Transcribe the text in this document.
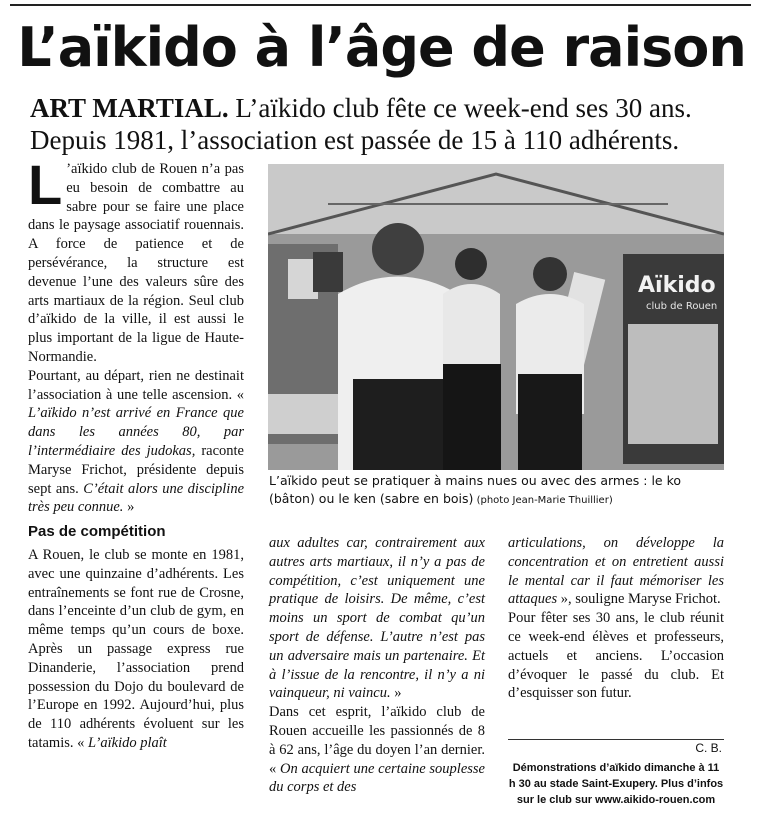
L’aïkido à l’âge de raison
ART MARTIAL. L’aïkido club fête ce week-end ses 30 ans. Depuis 1981, l’association est passée de 15 à 110 adhérents.

L ’aïkido club de Rouen n’a pas eu besoin de combattre au sabre pour se faire une place dans le paysage associatif rouennais. A force de patience et de persévérance, la structure est devenue l’une des valeurs sûre des arts martiaux de la région. Seul club d’aïkido de la ville, il est aussi le plus important de la ligue de Haute-Normandie.

Pourtant, au départ, rien ne destinait l’association à une telle ascension. « L’aïkido n’est arrivé en France que dans les années 80, par l’intermédiaire des judokas, raconte Maryse Frichot, présidente depuis sept ans. C’était alors une discipline très peu connue. »

Pas de compétition

A Rouen, le club se monte en 1981, avec une quinzaine d’adhérents. Les entraînements se font rue de Crosne, dans l’enceinte d’un club de gym, en même temps qu’un cours de boxe. Après un passage express rue Dinanderie, l’association prend possession du Dojo du boulevard de l’Europe en 1992. Aujourd’hui, plus de 110 adhérents évoluent sur les tatamis. « L’aïkido plaît

aux adultes car, contrairement aux autres arts martiaux, il n’y a pas de compétition, c’est uniquement une pratique de loisirs. De même, c’est moins un sport de combat qu’un sport de défense. L’autre n’est pas un adversaire mais un partenaire. Et à l’issue de la rencontre, il n’y a ni vainqueur, ni vaincu. »

Dans cet esprit, l’aïkido club de Rouen accueille les passionnés de 8 à 62 ans, l’âge du doyen l’an dernier. « On acquiert une certaine souplesse du corps et des

articulations, on développe la concentration et on entretient aussi le mental car il faut mémoriser les attaques », souligne Maryse Frichot.

Pour fêter ses 30 ans, le club réunit ce week-end élèves et professeurs, actuels et anciens. L’occasion d’évoquer le passé du club. Et d’esquisser son futur.

Aïkido
club de Rouen
L’aïkido peut se pratiquer à mains nues ou avec des armes : le ko (bâton) ou le ken (sabre en bois) (photo Jean-Marie Thuillier)
C. B.
Démonstrations d’aïkido dimanche à 11 h 30 au stade Saint-Exupery. Plus d’infos sur le club sur www.aikido-rouen.com
